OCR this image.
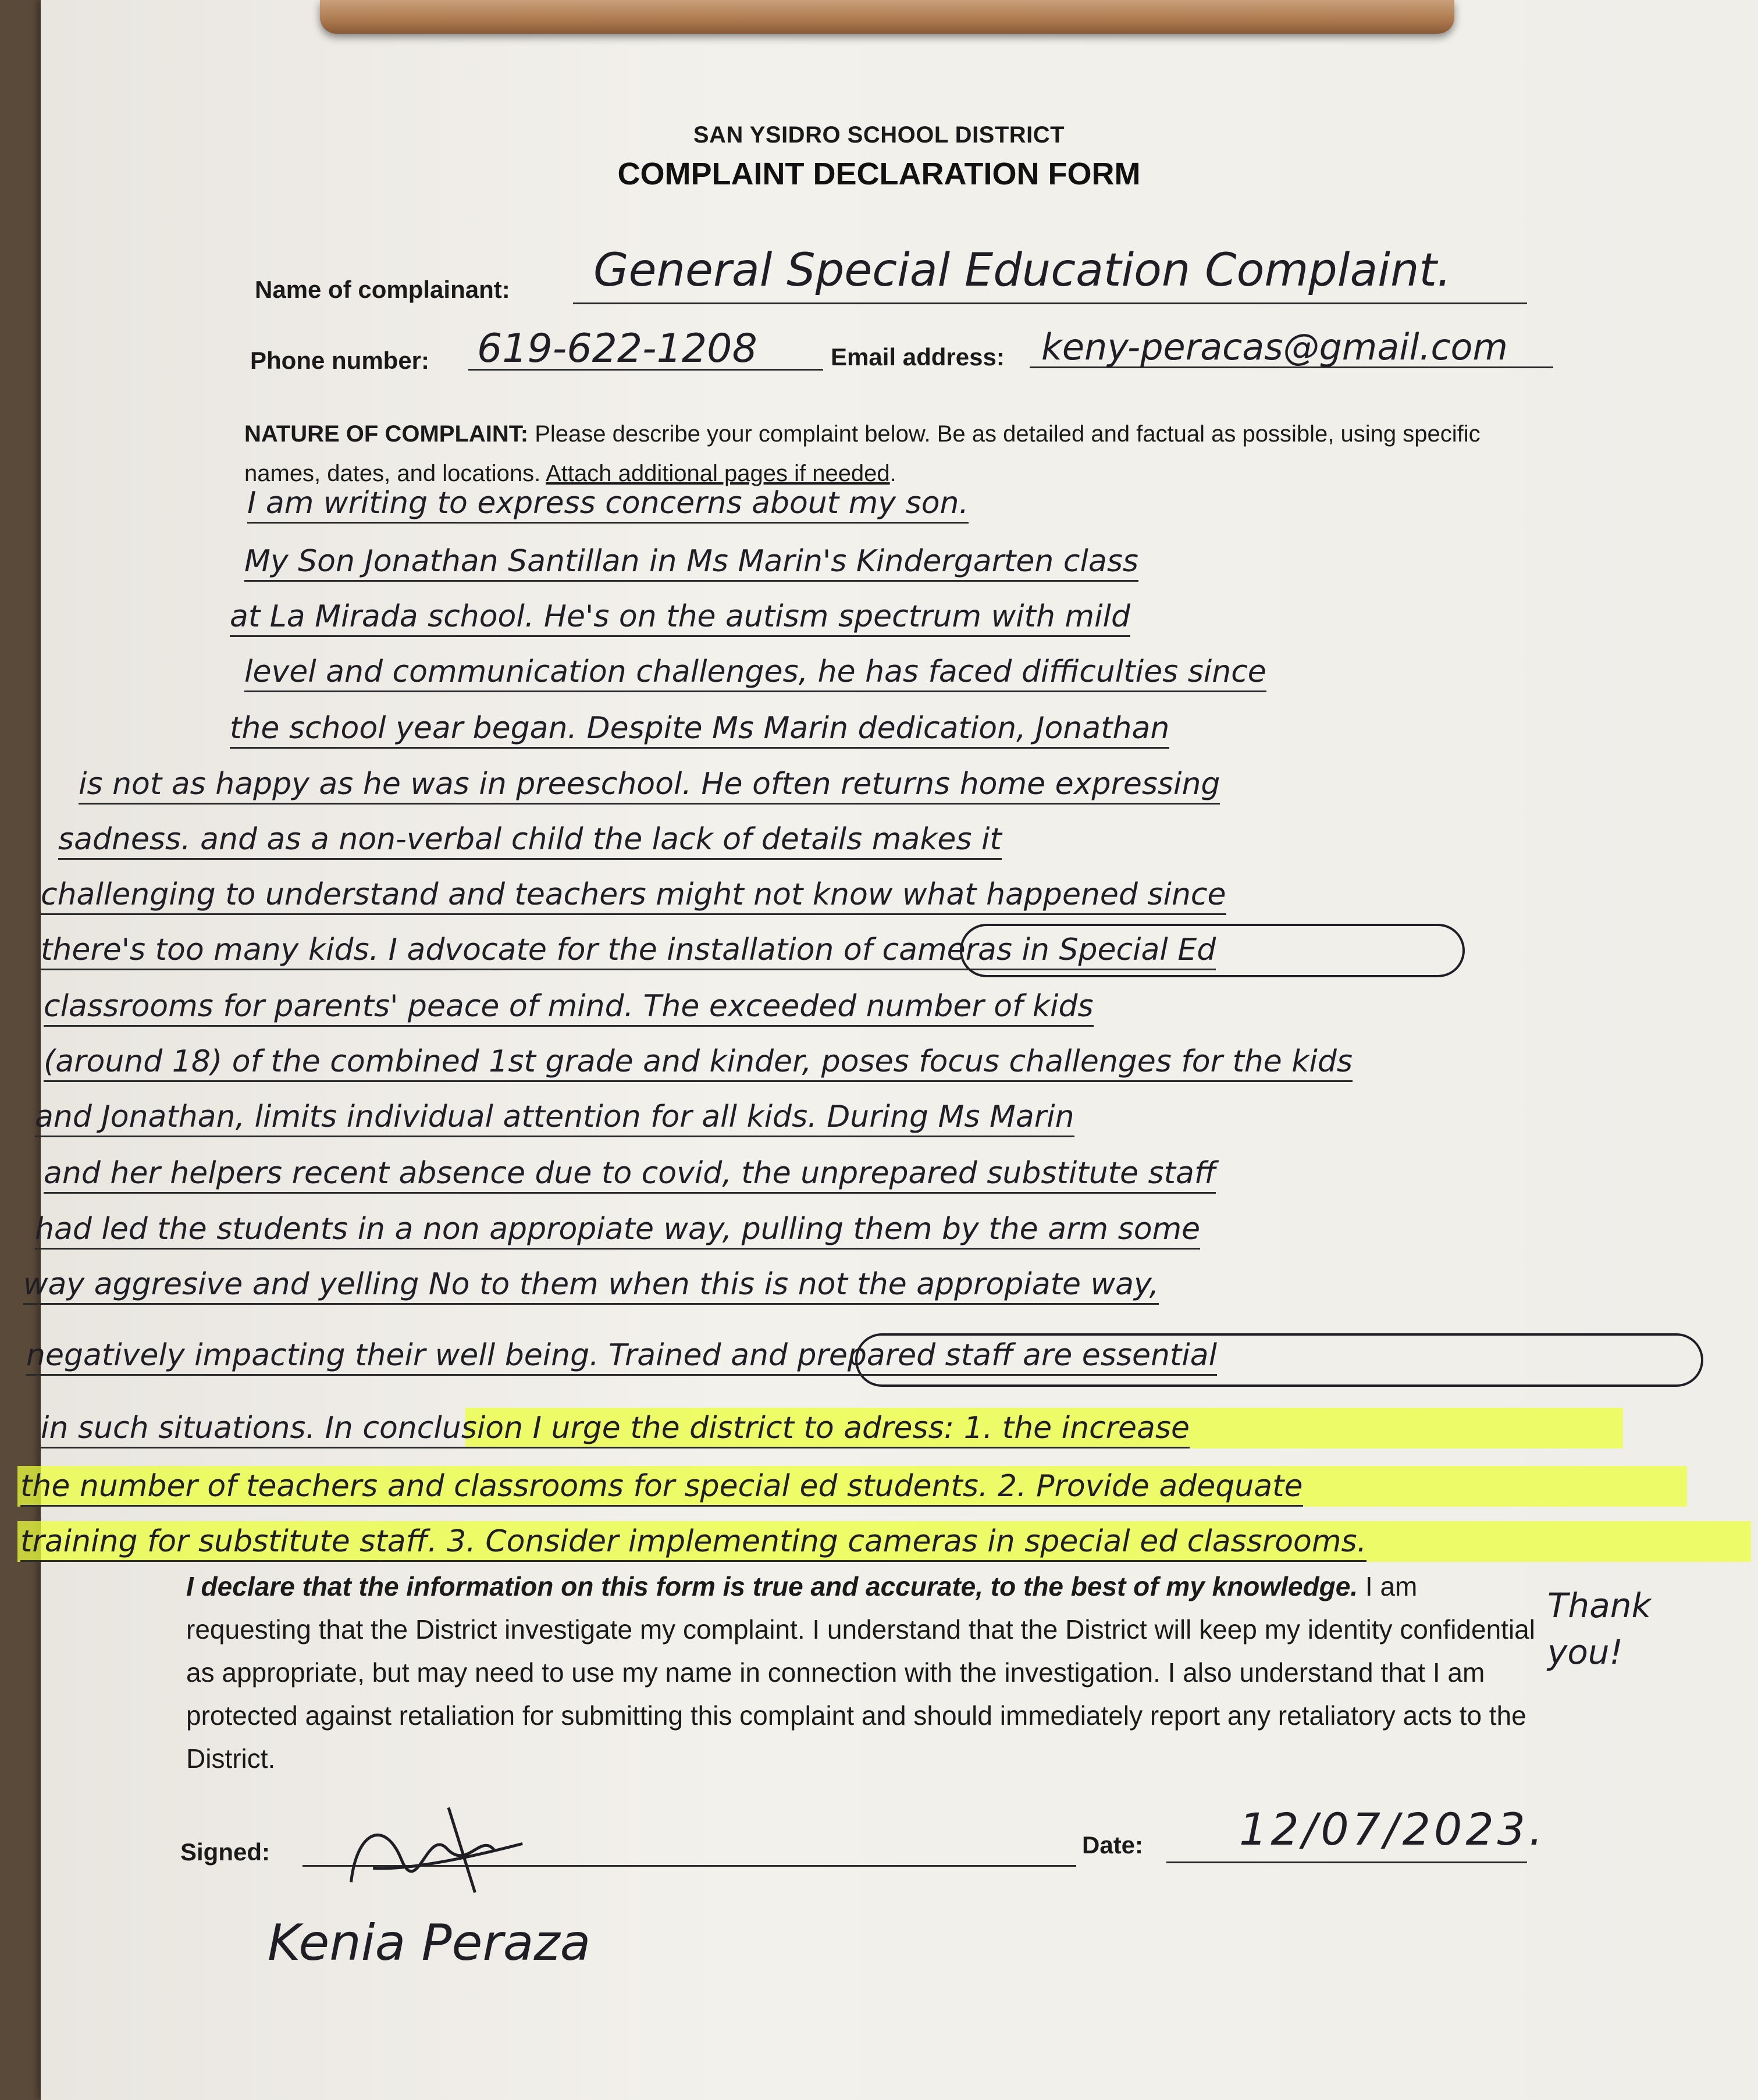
SAN YSIDRO SCHOOL DISTRICT
COMPLAINT DECLARATION FORM
Name of complainant: General Special Education Complaint.
Phone number: 619-622-1208	Email address: keny-peracas@gmail.com
NATURE OF COMPLAINT: Please describe your complaint below. Be as detailed and factual as possible, using specific names, dates, and locations. Attach additional pages if needed.
I am writing to express concerns about my son.
My Son Jonathan Santillan in Ms Marin's Kindergarten class
at La Mirada school. He's on the autism spectrum with mild
level and communication challenges, he has faced difficulties since
the school year began. Despite Ms Marin dedication, Jonathan
is not as happy as he was in preeschool. He often returns home expressing
sadness. and as a non-verbal child the lack of details makes it
challenging to understand and teachers might not know what happened since
there's too many kids. I advocate for the installation of cameras in Special Ed
classrooms for parents' peace of mind. The exceeded number of kids
(around 18) of the combined 1st grade and kinder, poses focus challenges for the kids
and Jonathan, limits individual attention for all kids. During Ms Marin
and her helpers recent absence due to covid, the unprepared substitute staff
had led the students in a non appropiate way, pulling them by the arm some
way aggresive and yelling No to them when this is not the appropiate way,
negatively impacting their well being. Trained and prepared staff are essential
in such situations. In conclusion I urge the district to adress: 1. the increase
the number of teachers and classrooms for special ed students. 2. Provide adequate
training for substitute staff. 3. Consider implementing cameras in special ed classrooms.
I declare that the information on this form is true and accurate, to the best of my knowledge. I am requesting that the District investigate my complaint. I understand that the District will keep my identity confidential as appropriate, but may need to use my name in connection with the investigation. I also understand that I am protected against retaliation for submitting this complaint and should immediately report any retaliatory acts to the District.
Thank you!
Signed:	Date: 12/07/2023.
Kenia Peraza
